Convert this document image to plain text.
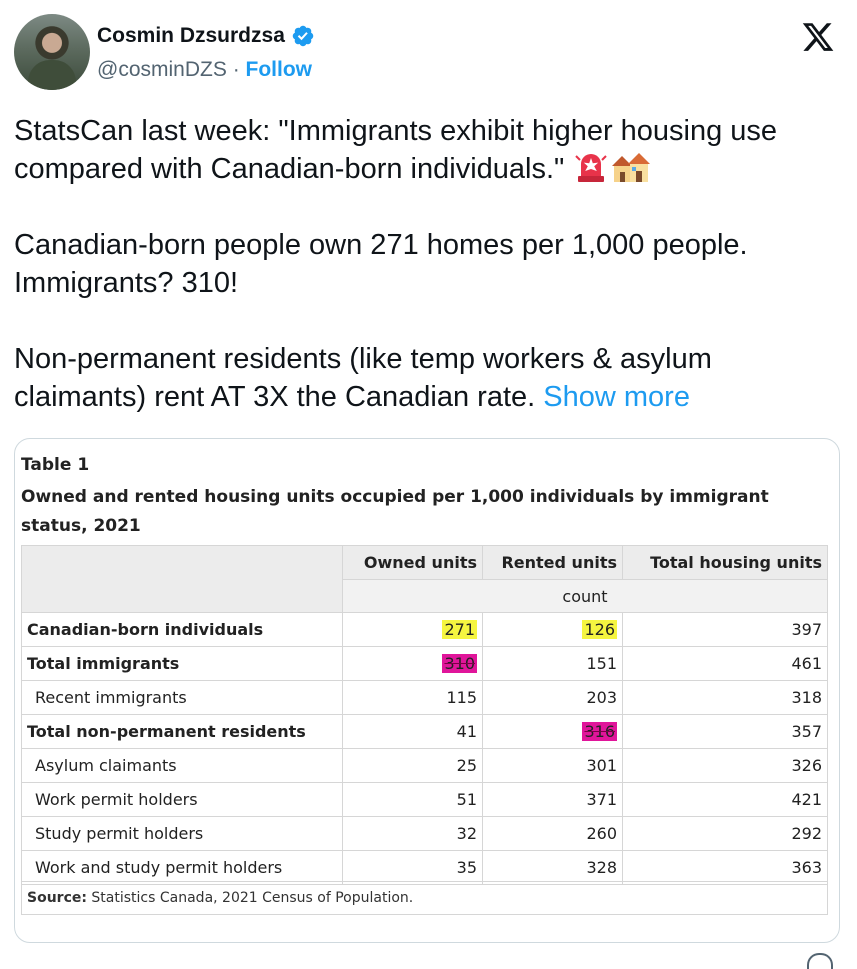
Cosmin Dzsurdzsa
@cosminDZS · Follow

StatsCan last week: "Immigrants exhibit higher housing use compared with Canadian-born individuals."

Canadian-born people own 271 homes per 1,000 people. Immigrants? 310!

Non-permanent residents (like temp workers & asylum claimants) rent AT 3X the Canadian rate. Show more

Table 1
Owned and rented housing units occupied per 1,000 individuals by immigrant status, 2021
	Owned units	Rented units	Total housing units
	count		
Canadian-born individuals	271	126	397
Total immigrants	310	151	461
Recent immigrants	115	203	318
Total non-permanent residents	41	316	357
Asylum claimants	25	301	326
Work permit holders	51	371	421
Study permit holders	32	260	292
Work and study permit holders	35	328	363
Source: Statistics Canada, 2021 Census of Population.
